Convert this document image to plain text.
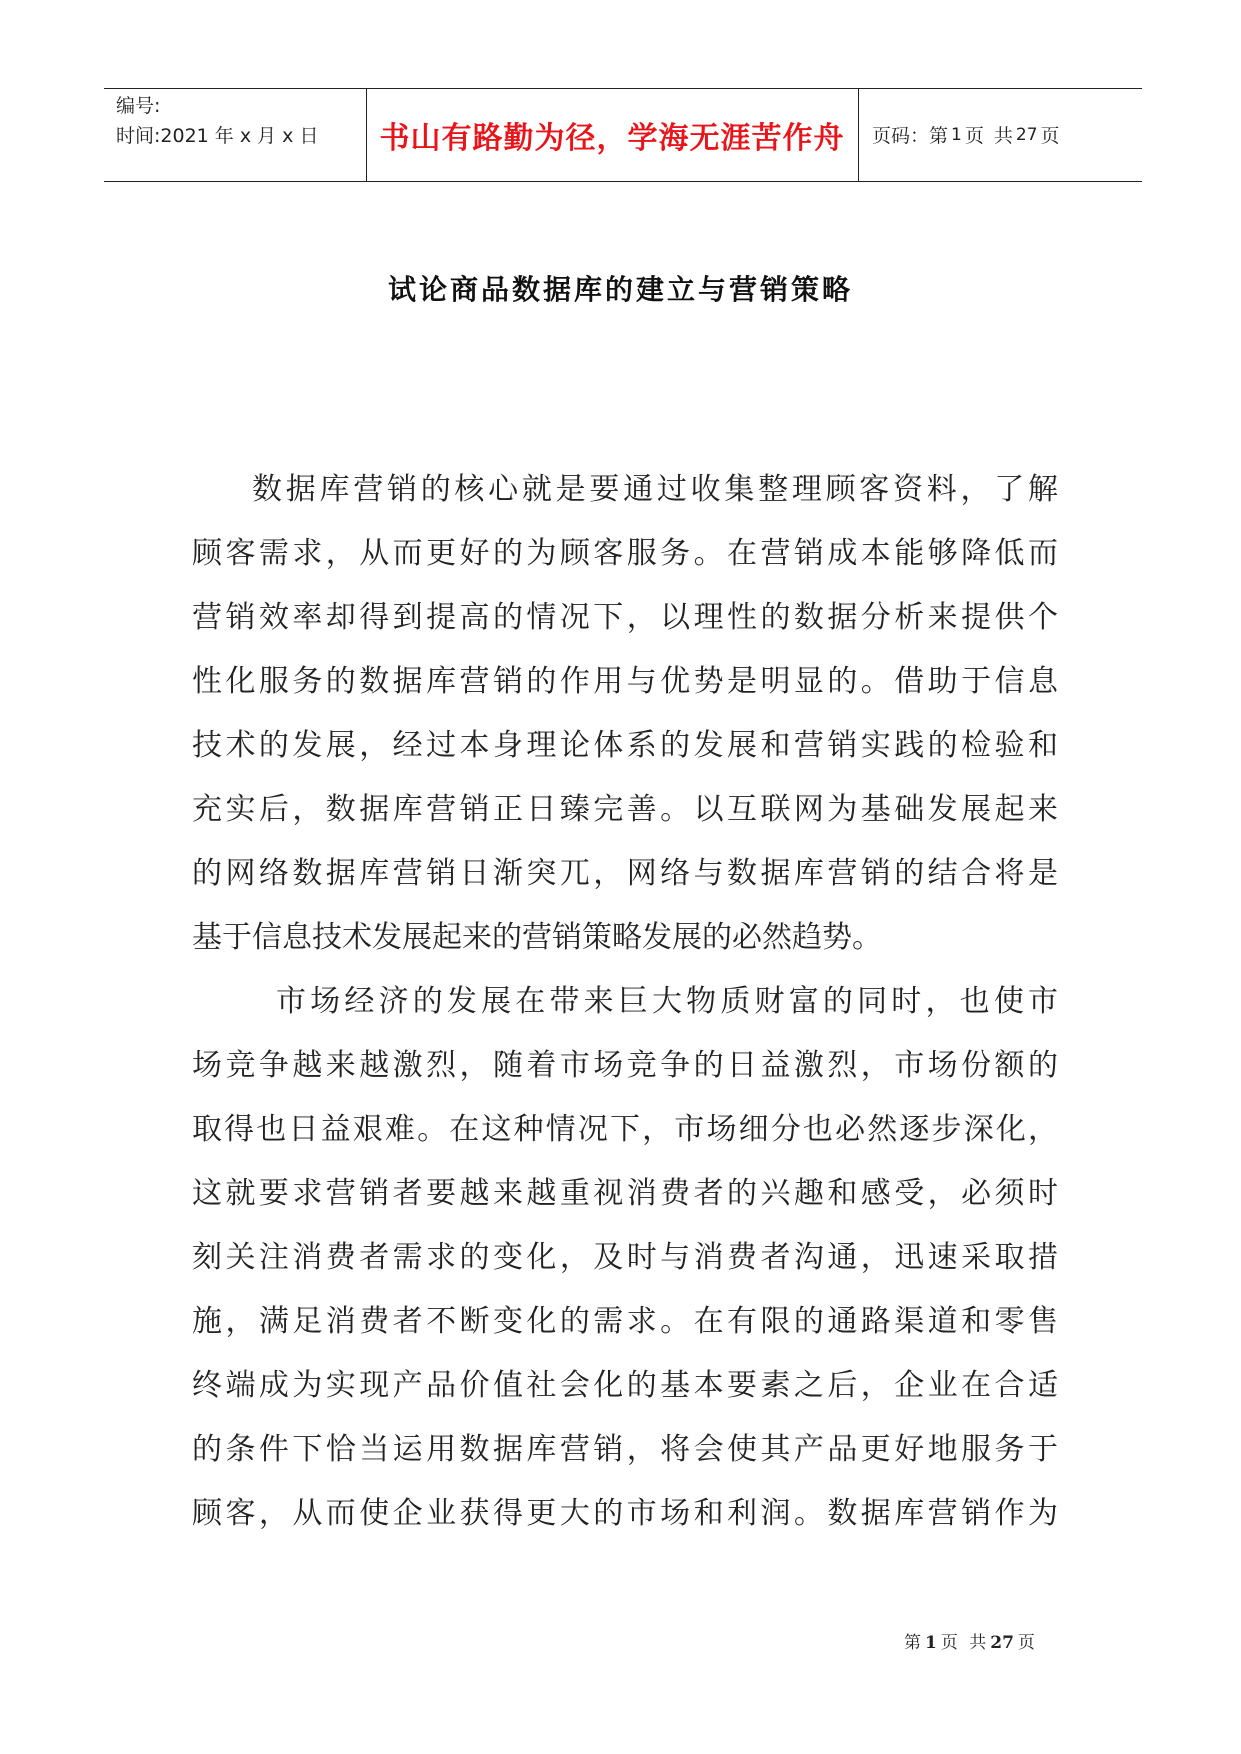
编号:
时间:2021 年 x 月 x 日	书山有路勤为径，学海无涯苦作舟	页码：第 1 页 共 27 页
试论商品数据库的建立与营销策略
数据库营销的核心就是要通过收集整理顾客资料，了解
顾客需求，从而更好的为顾客服务。在营销成本能够降低而
营销效率却得到提高的情况下，以理性的数据分析来提供个
性化服务的数据库营销的作用与优势是明显的。借助于信息
技术的发展，经过本身理论体系的发展和营销实践的检验和
充实后，数据库营销正日臻完善。以互联网为基础发展起来
的网络数据库营销日渐突兀，网络与数据库营销的结合将是
基于信息技术发展起来的营销策略发展的必然趋势。
市场经济的发展在带来巨大物质财富的同时，也使市
场竞争越来越激烈，随着市场竞争的日益激烈，市场份额的
取得也日益艰难。在这种情况下，市场细分也必然逐步深化，
这就要求营销者要越来越重视消费者的兴趣和感受，必须时
刻关注消费者需求的变化，及时与消费者沟通，迅速采取措
施，满足消费者不断变化的需求。在有限的通路渠道和零售
终端成为实现产品价值社会化的基本要素之后，企业在合适
的条件下恰当运用数据库营销，将会使其产品更好地服务于
顾客，从而使企业获得更大的市场和利润。数据库营销作为
第 1 页 共 27 页
